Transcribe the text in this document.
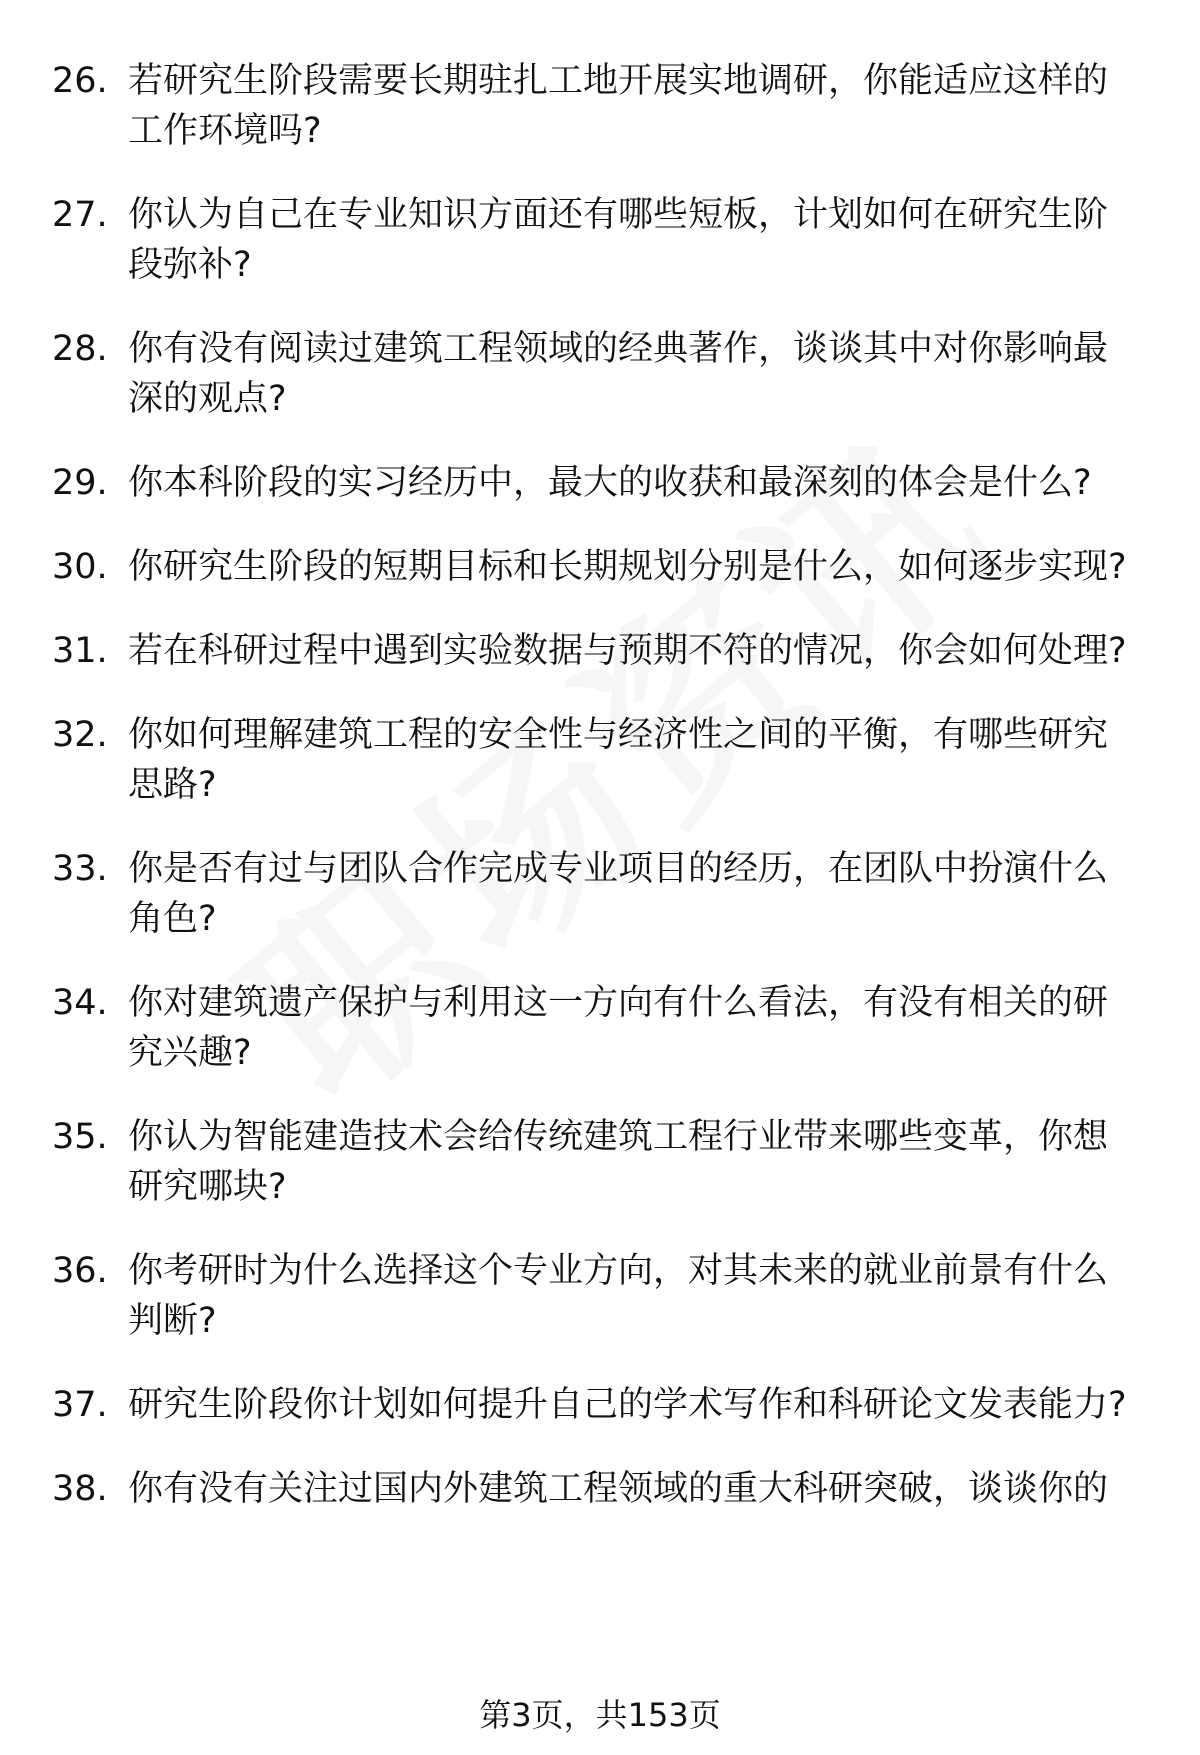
26. 若研究生阶段需要长期驻扎工地开展实地调研，你能适应这样的工作环境吗?
27. 你认为自己在专业知识方面还有哪些短板，计划如何在研究生阶段弥补?
28. 你有没有阅读过建筑工程领域的经典著作，谈谈其中对你影响最深的观点?
29. 你本科阶段的实习经历中，最大的收获和最深刻的体会是什么?
30. 你研究生阶段的短期目标和长期规划分别是什么，如何逐步实现?
31. 若在科研过程中遇到实验数据与预期不符的情况，你会如何处理?
32. 你如何理解建筑工程的安全性与经济性之间的平衡，有哪些研究思路?
33. 你是否有过与团队合作完成专业项目的经历，在团队中扮演什么角色?
34. 你对建筑遗产保护与利用这一方向有什么看法，有没有相关的研究兴趣?
35. 你认为智能建造技术会给传统建筑工程行业带来哪些变革，你想研究哪块?
36. 你考研时为什么选择这个专业方向，对其未来的就业前景有什么判断?
37. 研究生阶段你计划如何提升自己的学术写作和科研论文发表能力?
38. 你有没有关注过国内外建筑工程领域的重大科研突破，谈谈你的
第3页，共153页
